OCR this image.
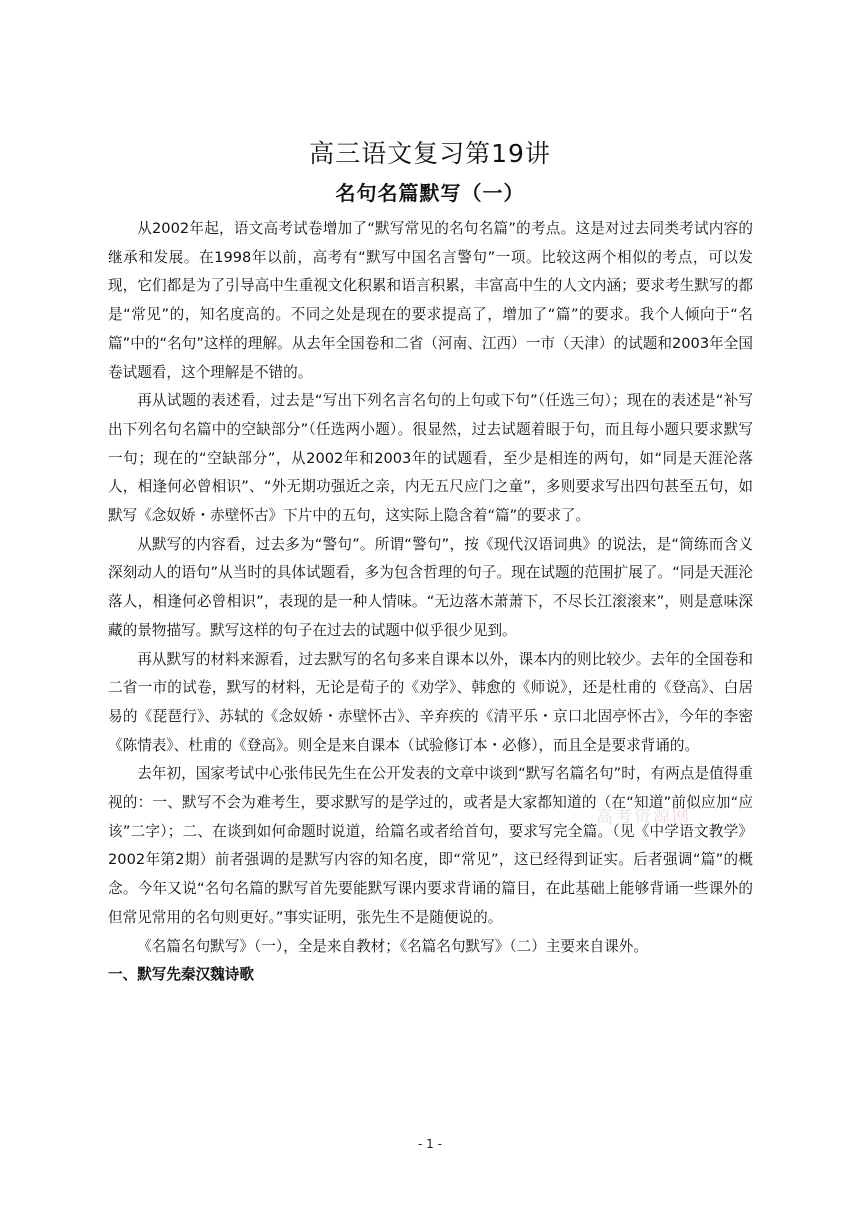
高三语文复习第19讲
名句名篇默写（一）

从2002年起，语文高考试卷增加了“默写常见的名句名篇”的考点。这是对过去同类考试内容的继承和发展。在1998年以前，高考有“默写中国名言警句”一项。比较这两个相似的考点，可以发现，它们都是为了引导高中生重视文化积累和语言积累，丰富高中生的人文内涵；要求考生默写的都是“常见”的，知名度高的。不同之处是现在的要求提高了，增加了“篇”的要求。我个人倾向于“名篇”中的“名句”这样的理解。从去年全国卷和二省（河南、江西）一市（天津）的试题和2003年全国卷试题看，这个理解是不错的。

再从试题的表述看，过去是“写出下列名言名句的上句或下句”（任选三句）；现在的表述是“补写出下列名句名篇中的空缺部分”（任选两小题）。很显然，过去试题着眼于句，而且每小题只要求默写一句；现在的“空缺部分”，从2002年和2003年的试题看，至少是相连的两句，如“同是天涯沦落人，相逢何必曾相识”、“外无期功强近之亲，内无五尺应门之童”，多则要求写出四句甚至五句，如默写《念奴娇・赤壁怀古》下片中的五句，这实际上隐含着“篇”的要求了。

从默写的内容看，过去多为“警句”。所谓“警句”，按《现代汉语词典》的说法，是“简练而含义深刻动人的语句”从当时的具体试题看，多为包含哲理的句子。现在试题的范围扩展了。“同是天涯沦落人，相逢何必曾相识”，表现的是一种人情味。“无边落木萧萧下，不尽长江滚滚来”，则是意味深藏的景物描写。默写这样的句子在过去的试题中似乎很少见到。

再从默写的材料来源看，过去默写的名句多来自课本以外，课本内的则比较少。去年的全国卷和二省一市的试卷，默写的材料，无论是荀子的《劝学》、韩愈的《师说》，还是杜甫的《登高》、白居易的《琵琶行》、苏轼的《念奴娇・赤壁怀古》、辛弃疾的《清平乐・京口北固亭怀古》，今年的李密《陈情表》、杜甫的《登高》。则全是来自课本（试验修订本・必修），而且全是要求背诵的。

去年初，国家考试中心张伟民先生在公开发表的文章中谈到“默写名篇名句”时，有两点是值得重视的：一、默写不会为难考生，要求默写的是学过的，或者是大家都知道的（在“知道”前似应加“应该”二字）；二、在谈到如何命题时说道，给篇名或者给首句，要求写完全篇。（见《中学语文教学》2002年第2期）前者强调的是默写内容的知名度，即“常见”，这已经得到证实。后者强调“篇”的概念。今年又说“名句名篇的默写首先要能默写课内要求背诵的篇目，在此基础上能够背诵一些课外的但常见常用的名句则更好。”事实证明，张先生不是随便说的。

《名篇名句默写》（一），全是来自教材；《名篇名句默写》（二）主要来自课外。

一、默写先秦汉魏诗歌
高考资源网
- 1 -
